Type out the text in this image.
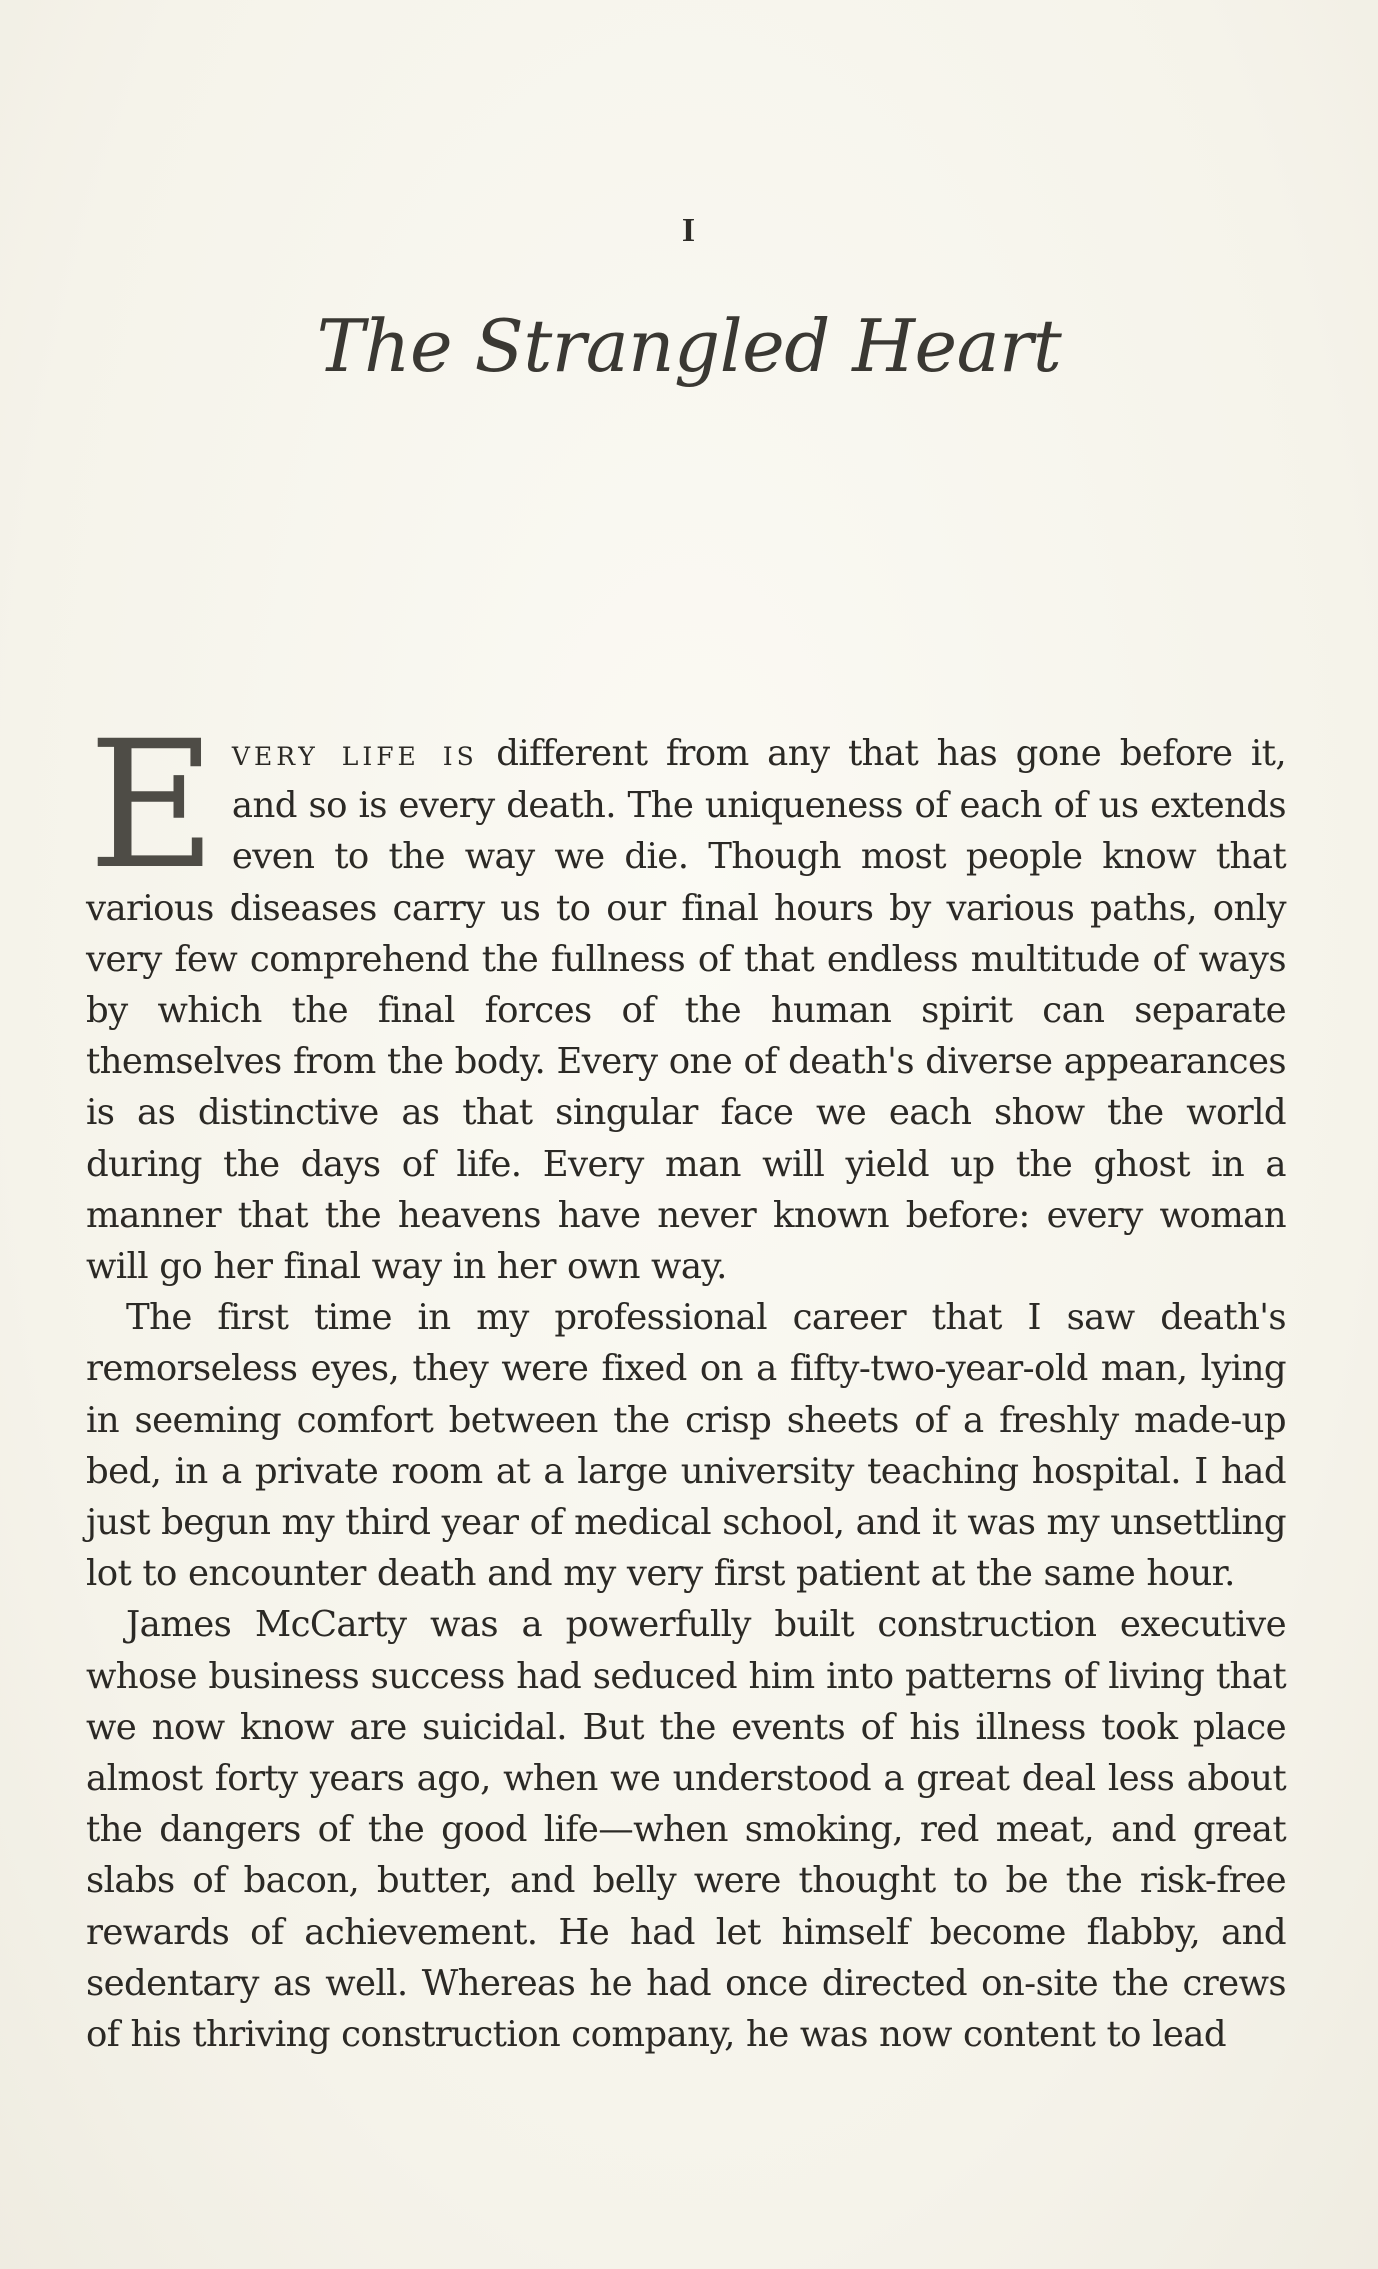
I
The Strangled Heart

Every life is different from any that has gone before it, and so is every death. The uniqueness of each of us extends even to the way we die. Though most people know that various diseases carry us to our final hours by various paths, only very few comprehend the fullness of that endless multitude of ways by which the final forces of the human spirit can separate themselves from the body. Every one of death's diverse appearances is as distinctive as that singular face we each show the world during the days of life. Every man will yield up the ghost in a manner that the heavens have never known before: every woman will go her final way in her own way.

The first time in my professional career that I saw death's remorseless eyes, they were fixed on a fifty-two-year-old man, lying in seeming comfort between the crisp sheets of a freshly made-up bed, in a private room at a large university teaching hospital. I had just begun my third year of medical school, and it was my unsettling lot to encounter death and my very first patient at the same hour.

James McCarty was a powerfully built construction executive whose business success had seduced him into patterns of living that we now know are suicidal. But the events of his illness took place almost forty years ago, when we understood a great deal less about the dangers of the good life—when smoking, red meat, and great slabs of bacon, butter, and belly were thought to be the risk-free rewards of achievement. He had let himself become flabby, and sedentary as well. Whereas he had once directed on-site the crews of his thriving construction company, he was now content to lead
